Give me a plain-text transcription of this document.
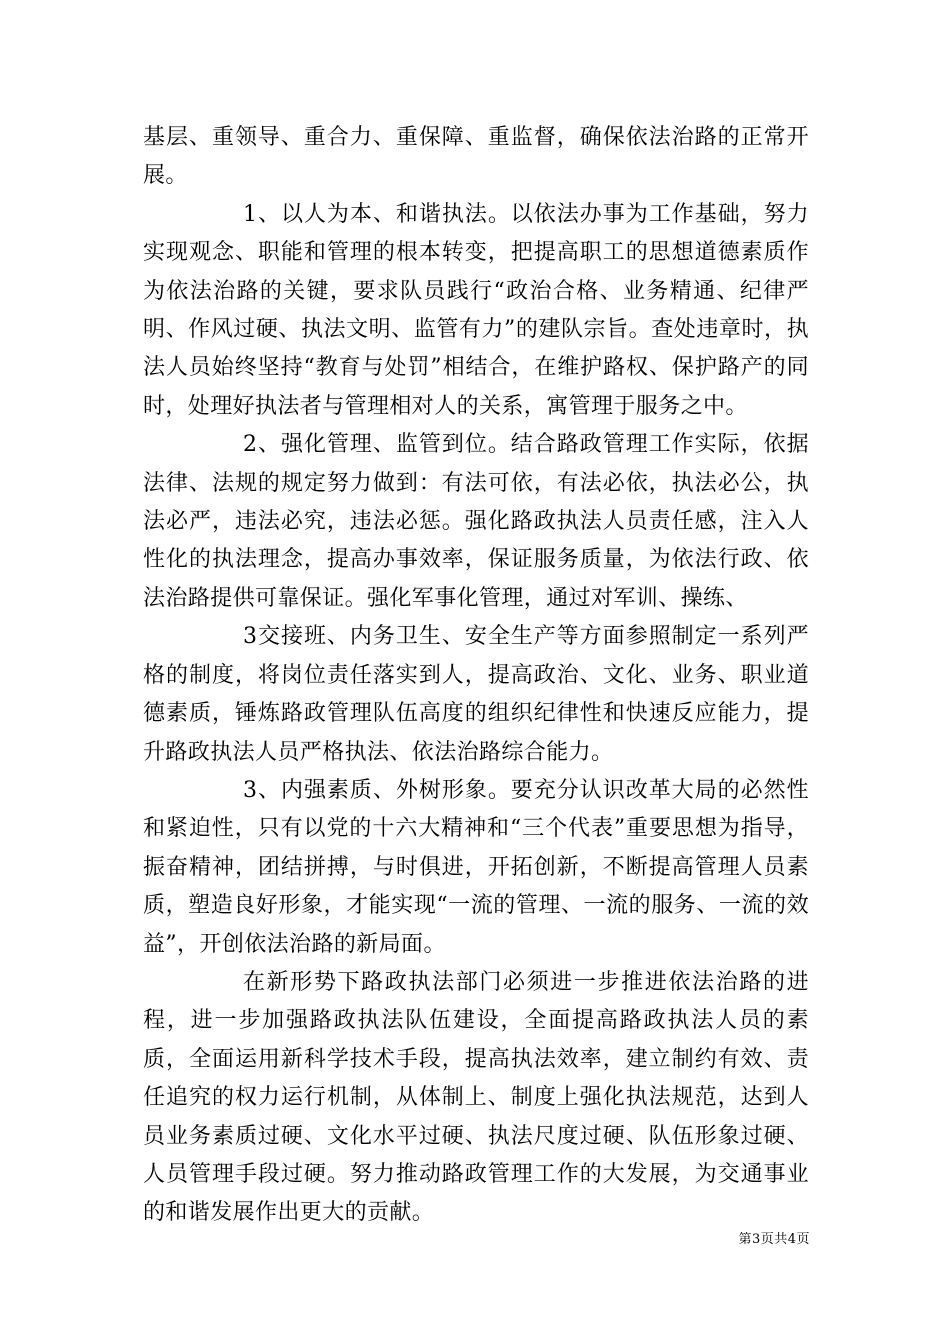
基层、重领导、重合力、重保障、重监督，确保依法治路的正常开展。

1、以人为本、和谐执法。以依法办事为工作基础，努力实现观念、职能和管理的根本转变，把提高职工的思想道德素质作为依法治路的关键，要求队员践行“政治合格、业务精通、纪律严明、作风过硬、执法文明、监管有力”的建队宗旨。查处违章时，执法人员始终坚持“教育与处罚”相结合，在维护路权、保护路产的同时，处理好执法者与管理相对人的关系，寓管理于服务之中。

2、强化管理、监管到位。结合路政管理工作实际，依据法律、法规的规定努力做到：有法可依，有法必依，执法必公，执法必严，违法必究，违法必惩。强化路政执法人员责任感，注入人性化的执法理念，提高办事效率，保证服务质量，为依法行政、依法治路提供可靠保证。强化军事化管理，通过对军训、操练、

3交接班、内务卫生、安全生产等方面参照制定一系列严格的制度，将岗位责任落实到人，提高政治、文化、业务、职业道德素质，锤炼路政管理队伍高度的组织纪律性和快速反应能力，提升路政执法人员严格执法、依法治路综合能力。

3、内强素质、外树形象。要充分认识改革大局的必然性和紧迫性，只有以党的十六大精神和“三个代表”重要思想为指导，振奋精神，团结拼搏，与时俱进，开拓创新，不断提高管理人员素质，塑造良好形象，才能实现“一流的管理、一流的服务、一流的效益”，开创依法治路的新局面。

在新形势下路政执法部门必须进一步推进依法治路的进程，进一步加强路政执法队伍建设，全面提高路政执法人员的素质，全面运用新科学技术手段，提高执法效率，建立制约有效、责任追究的权力运行机制，从体制上、制度上强化执法规范，达到人员业务素质过硬、文化水平过硬、执法尺度过硬、队伍形象过硬、人员管理手段过硬。努力推动路政管理工作的大发展，为交通事业的和谐发展作出更大的贡献。

第3页共4页
